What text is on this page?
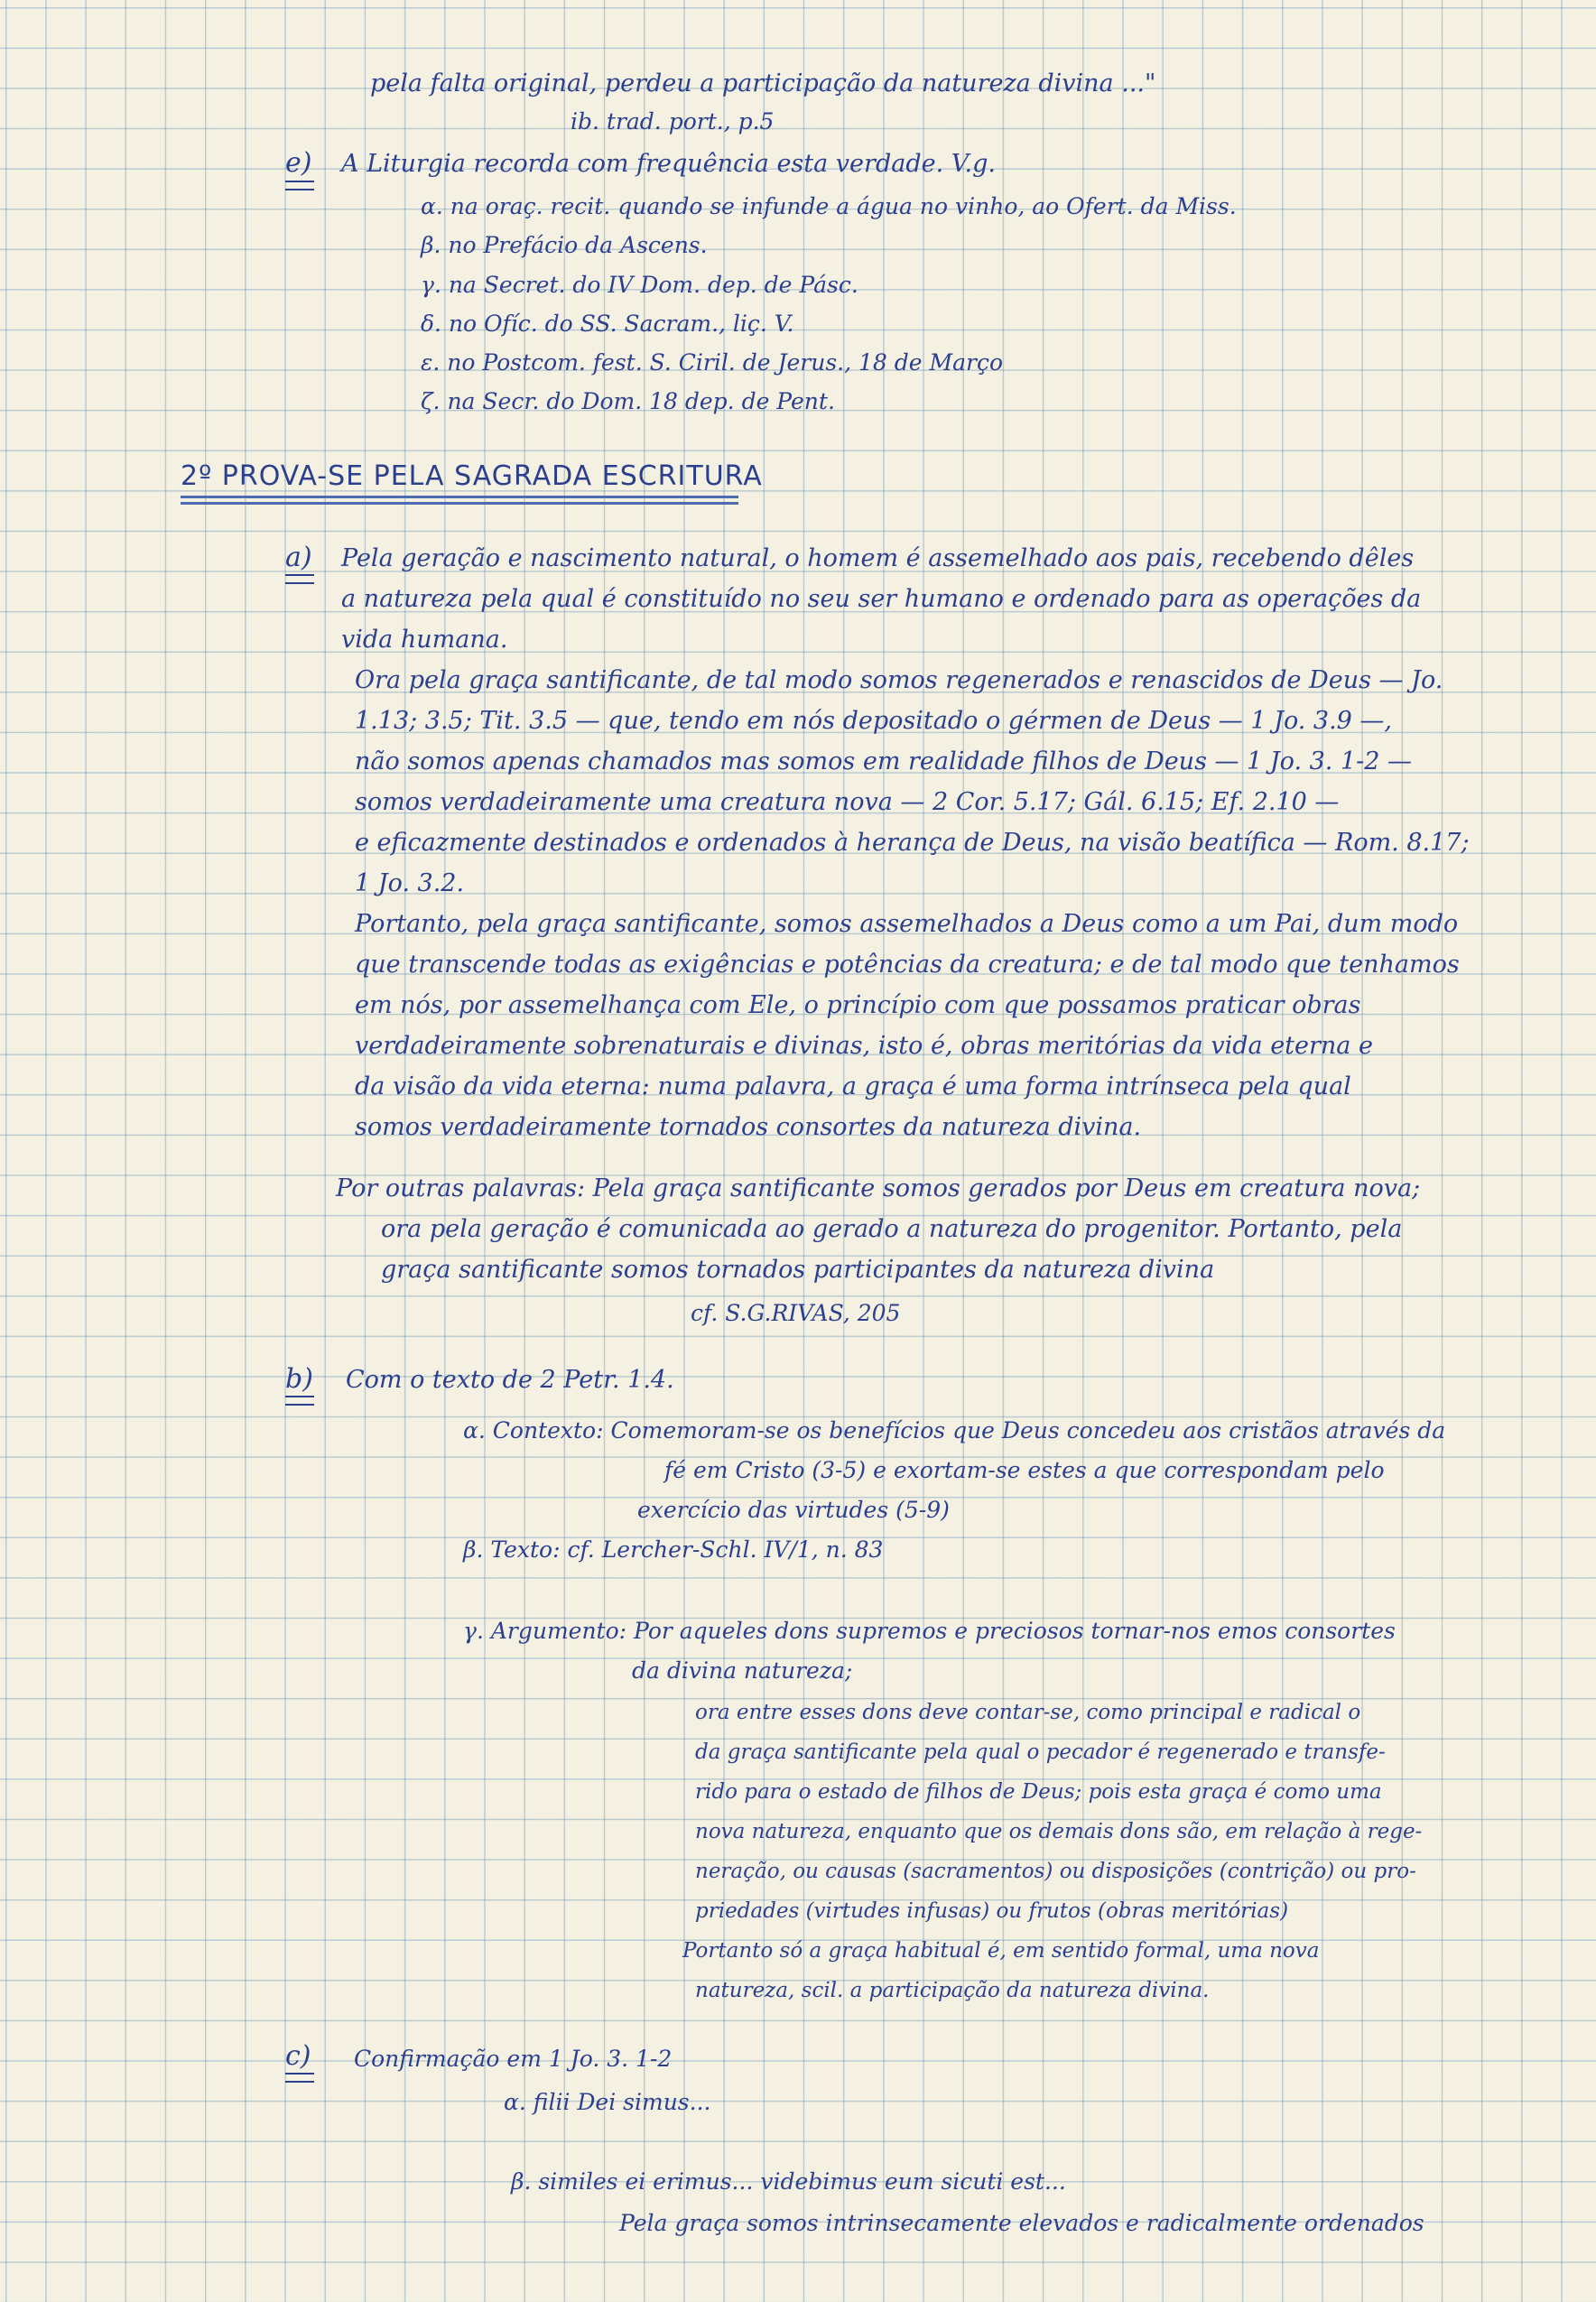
pela falta original, perdeu a participação da natureza divina ..."
ib. trad. port., p.5
e) A Liturgia recorda com frequência esta verdade. V.g.
α. na oraç. recit. quando se infunde a água no vinho, ao Ofert. da Miss.
β. no Prefácio da Ascens.
γ. na Secret. do IV Dom. dep. de Pásc.
δ. no Ofíc. do SS. Sacram., liç. V.
ε. no Postcom. fest. S. Ciril. de Jerus., 18 de Março
ζ. na Secr. do Dom. 18 dep. de Pent.
2º PROVA-SE PELA SAGRADA ESCRITURA
a) Pela geração e nascimento natural, o homem é assemelhado aos pais, recebendo dêles
a natureza pela qual é constituído no seu ser humano e ordenado para as operações da
vida humana.
Ora pela graça santificante, de tal modo somos regenerados e renascidos de Deus — Jo.
1.13; 3.5; Tit. 3.5 — que, tendo em nós depositado o gérmen de Deus — 1 Jo. 3.9 —,
não somos apenas chamados mas somos em realidade filhos de Deus — 1 Jo. 3. 1-2 —
somos verdadeiramente uma creatura nova — 2 Cor. 5.17; Gál. 6.15; Ef. 2.10 —
e eficazmente destinados e ordenados à herança de Deus, na visão beatífica — Rom. 8.17;
1 Jo. 3.2.
Portanto, pela graça santificante, somos assemelhados a Deus como a um Pai, dum modo
que transcende todas as exigências e potências da creatura; e de tal modo que tenhamos
em nós, por assemelhança com Ele, o princípio com que possamos praticar obras
verdadeiramente sobrenaturais e divinas, isto é, obras meritórias da vida eterna e
da visão da vida eterna: numa palavra, a graça é uma forma intrínseca pela qual
somos verdadeiramente tornados consortes da natureza divina.
Por outras palavras: Pela graça santificante somos gerados por Deus em creatura nova;
ora pela geração é comunicada ao gerado a natureza do progenitor. Portanto, pela
graça santificante somos tornados participantes da natureza divina
cf. S.G.RIVAS, 205
b) Com o texto de 2 Petr. 1.4.
α. Contexto: Comemoram-se os benefícios que Deus concedeu aos cristãos através da
fé em Cristo (3-5) e exortam-se estes a que correspondam pelo
exercício das virtudes (5-9)
β. Texto: cf. Lercher-Schl. IV/1, n. 83
γ. Argumento: Por aqueles dons supremos e preciosos tornar-nos emos consortes
da divina natureza;
ora entre esses dons deve contar-se, como principal e radical o
da graça santificante pela qual o pecador é regenerado e transfe-
rido para o estado de filhos de Deus; pois esta graça é como uma
nova natureza, enquanto que os demais dons são, em relação à rege-
neração, ou causas (sacramentos) ou disposições (contrição) ou pro-
priedades (virtudes infusas) ou frutos (obras meritórias)
Portanto só a graça habitual é, em sentido formal, uma nova
natureza, scil. a participação da natureza divina.
c) Confirmação em 1 Jo. 3. 1-2
α. filii Dei simus...
β. similes ei erimus... videbimus eum sicuti est...
Pela graça somos intrinsecamente elevados e radicalmente ordenados
